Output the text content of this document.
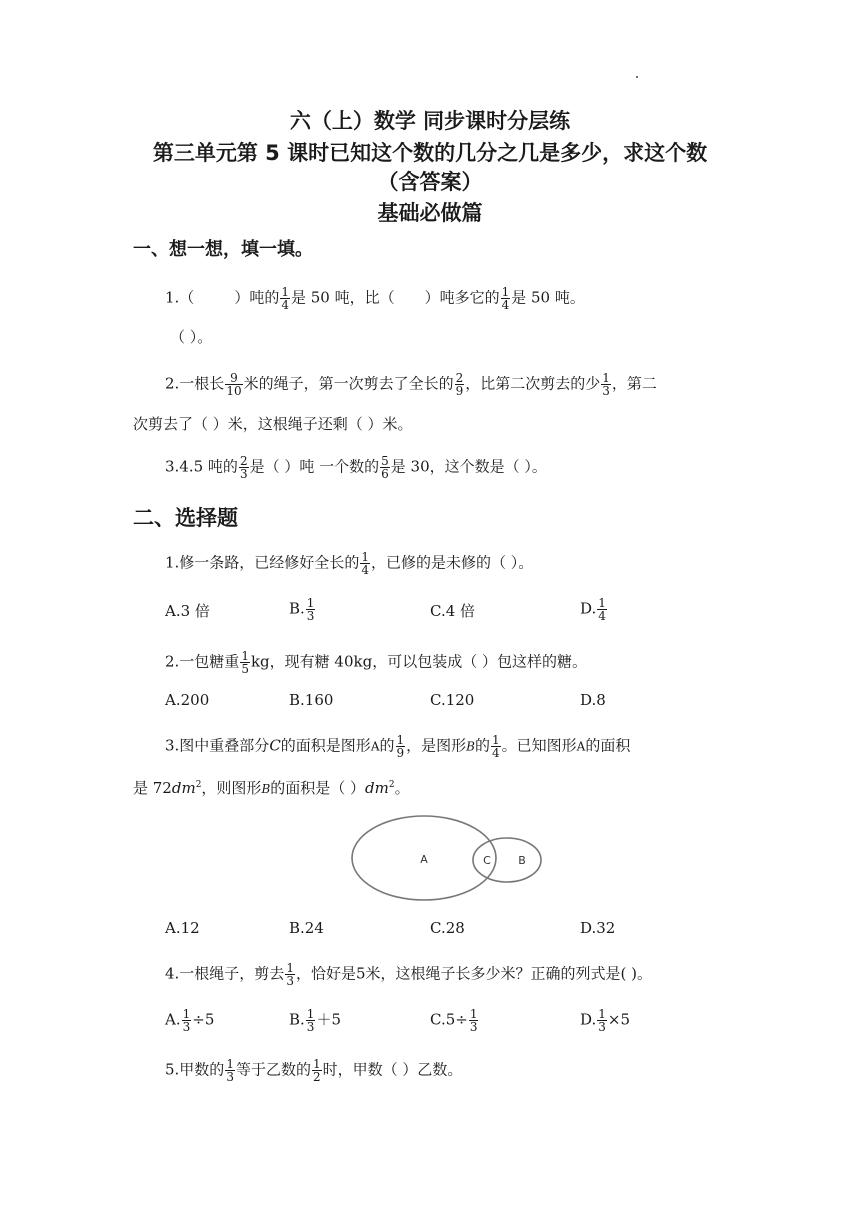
六（上）数学 同步课时分层练
第三单元第 5 课时已知这个数的几分之几是多少，求这个数
（含答案）
基础必做篇
一、想一想，填一填。
1.（	）吨的 $\frac{1}{4}$ 是 50 吨，比（ ）吨多它的 $\frac{1}{4}$ 是 50 吨。
（ ）。
2.一根长 $\frac{9}{10}$ 米的绳子，第一次剪去了全长的 $\frac{2}{9}$ ，比第二次剪去的少 $\frac{1}{3}$ ，第二
次剪去了（ ）米，这根绳子还剩（ ）米。
3.4.5 吨的 $\frac{2}{3}$ 是（ ）吨 一个数的 $\frac{5}{6}$ 是 30，这个数是（ ）。
二、选择题
1.修一条路，已经修好全长的 $\frac{1}{4}$ ，已修的是未修的（ ）。
A.3 倍	B. $\frac{1}{3}$	C.4 倍	D. $\frac{1}{4}$
2.一包糖重 $\frac{1}{5}$ kg，现有糖 40kg，可以包装成（ ）包这样的糖。
A.200	B.160	C.120	D.8
3.图中重叠部分C的面积是图形A的 $\frac{1}{9}$ ，是图形B的 $\frac{1}{4}$ 。已知图形A的面积
是 $72dm^2$，则图形B的面积是（ ）$dm^2$。
A	C B
A.12	B.24	C.28	D.32
4.一根绳子，剪去 $\frac{1}{3}$ ，恰好是5米，这根绳子长多少米？正确的列式是( )。
A. $\frac{1}{3} \div 5$	B. $\frac{1}{3} +5$	$C.5\div \frac{1}{3}$	D. $\frac{1}{3} \times 5$
5.甲数的 $\frac{1}{3}$ 等于乙数的 $\frac{1}{2}$ 时，甲数（ ）乙数。
